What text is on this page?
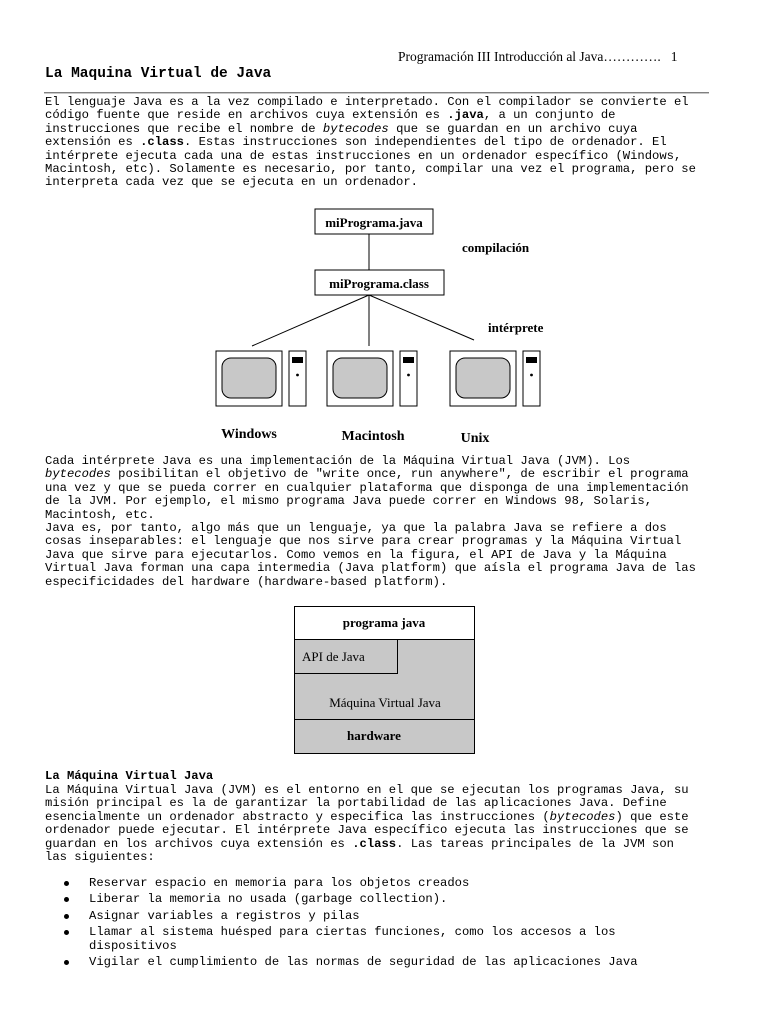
Programación III Introducción al Java…………. 1
La Maquina Virtual de Java

El lenguaje Java es a la vez compilado e interpretado. Con el compilador se convierte el
código fuente que reside en archivos cuya extensión es .java, a un conjunto de
instrucciones que recibe el nombre de bytecodes que se guardan en un archivo cuya
extensión es .class. Estas instrucciones son independientes del tipo de ordenador. El
intérprete ejecuta cada una de estas instrucciones en un ordenador específico (Windows,
Macintosh, etc). Solamente es necesario, por tanto, compilar una vez el programa, pero se
interpreta cada vez que se ejecuta en un ordenador.

miPrograma.java
compilación
miPrograma.class
intérprete
Windows	Macintosh	Unix

Cada intérprete Java es una implementación de la Máquina Virtual Java (JVM). Los
bytecodes posibilitan el objetivo de "write once, run anywhere", de escribir el programa
una vez y que se pueda correr en cualquier plataforma que disponga de una implementación
de la JVM. Por ejemplo, el mismo programa Java puede correr en Windows 98, Solaris,
Macintosh, etc.
Java es, por tanto, algo más que un lenguaje, ya que la palabra Java se refiere a dos
cosas inseparables: el lenguaje que nos sirve para crear programas y la Máquina Virtual
Java que sirve para ejecutarlos. Como vemos en la figura, el API de Java y la Máquina
Virtual Java forman una capa intermedia (Java platform) que aísla el programa Java de las
especificidades del hardware (hardware-based platform).

programa java
API de Java
Máquina Virtual Java
hardware
La Máquina Virtual Java

La Máquina Virtual Java (JVM) es el entorno en el que se ejecutan los programas Java, su
misión principal es la de garantizar la portabilidad de las aplicaciones Java. Define
esencialmente un ordenador abstracto y especifica las instrucciones (bytecodes) que este
ordenador puede ejecutar. El intérprete Java específico ejecuta las instrucciones que se
guardan en los archivos cuya extensión es .class. Las tareas principales de la JVM son
las siguientes:

Reservar espacio en memoria para los objetos creados
Liberar la memoria no usada (garbage collection).
Asignar variables a registros y pilas
Llamar al sistema huésped para ciertas funciones, como los accesos a los dispositivos
Vigilar el cumplimiento de las normas de seguridad de las aplicaciones Java
